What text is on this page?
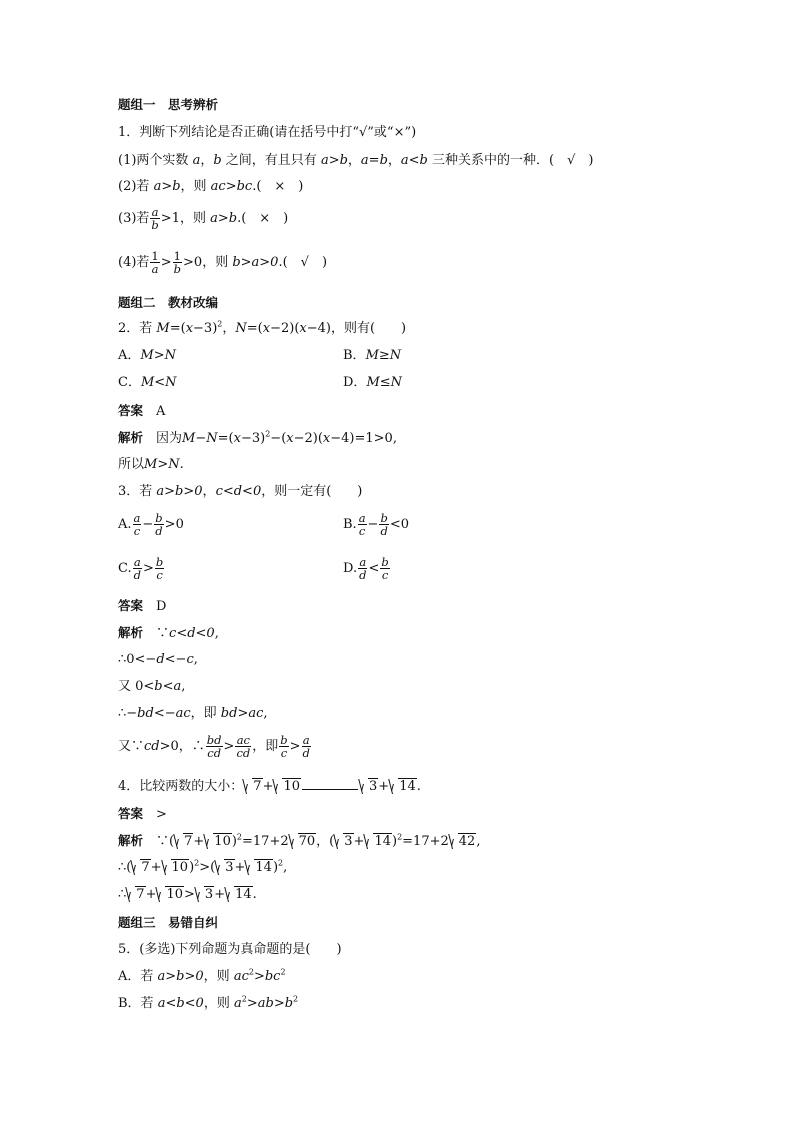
题组一　思考辨析
1．判断下列结论是否正确(请在括号中打“√”或“×”)
(1)两个实数 a，b 之间，有且只有 a>b，a=b，a<b 三种关系中的一种．(　√　)
(2)若 a>b，则 ac>bc.(　×　)
(3)若 $\frac{a}{b} >1$，则 a>b.(　×　)
(4)若 $\frac{1}{a} > \frac{1}{b} >0$，则 b>a>0.(　√　)
题组二　教材改编
2．若 $M=(x-3)^2$，N=(x−2)(x−4)，则有(　　)
A．M>N	B．M≥N
C．M<N	D．M≤N
答案　 A
解析　 因为$M-N=(x-3)^2-(x-2)(x-4)=1>0$,
所以M>N.
3．若 a>b>0，c<d<0，则一定有(　　)
A. $\frac{a}{c} - \frac{b}{d} >0$	B. $\frac{a}{c} - \frac{b}{d} <0$
C. $\frac{a}{d} > \frac{b}{c}$	D. $\frac{a}{d} < \frac{b}{c}$
答案　 D
解析　 ∵c<d<0,
∴0<−d<−c,
又 0<b<a,
∴−bd<−ac，即 bd>ac,
又∵cd>0，∴ $\frac{bd}{cd} > \frac{ac}{cd}$ ，即 $\frac{b}{c} > \frac{a}{d}$
4．比较两数的大小： 7+ 10	3+ 14.
答案　 >
解析　 ∵( 7+ 10)$^2$=17+2 70，( 3+ 14)$^2$=17+2 42,
∴( 7+ 10)$^2$>( 3+ 14)$^2$,
∴ 7+ 10> 3+ 14.
题组三　易错自纠
5．(多选)下列命题为真命题的是(　　)
A．若 a>b>0，则 $ac^2>bc^2$
B．若 a<b<0，则 $a^2>ab>b^2$
